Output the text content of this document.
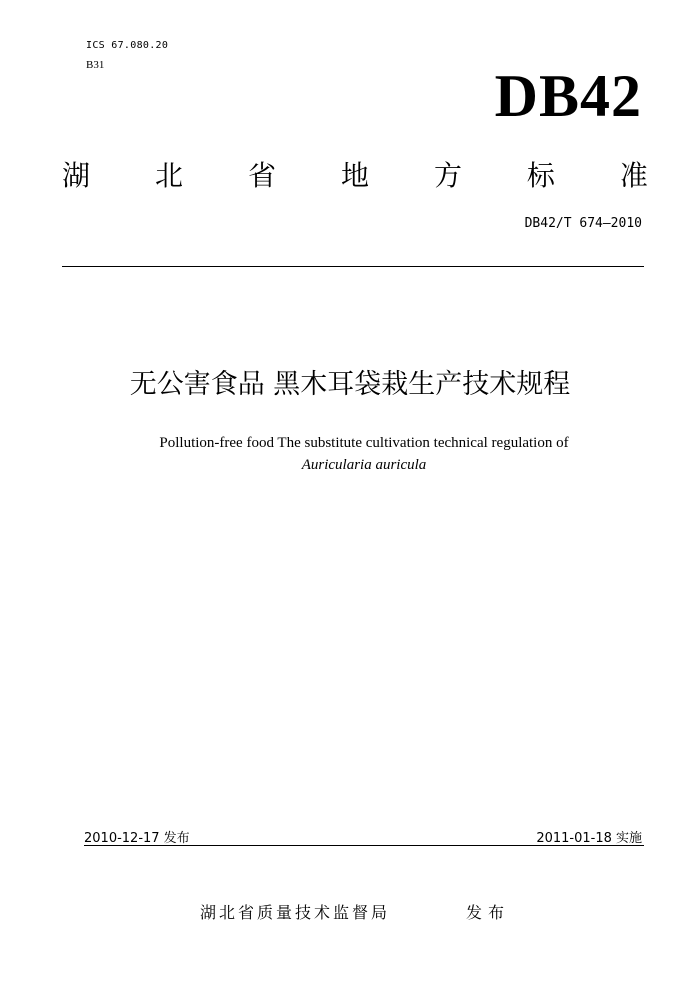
ICS 67.080.20
B31	DB42
湖 北 省 地 方 标 准
DB42/T 674—2010
无公害食品 黑木耳袋栽生产技术规程
Pollution-free food The substitute cultivation technical regulation of
Auricularia auricula
2010-12-17 发布	2011-01-18 实施
湖北省质量技术监督局	发布
